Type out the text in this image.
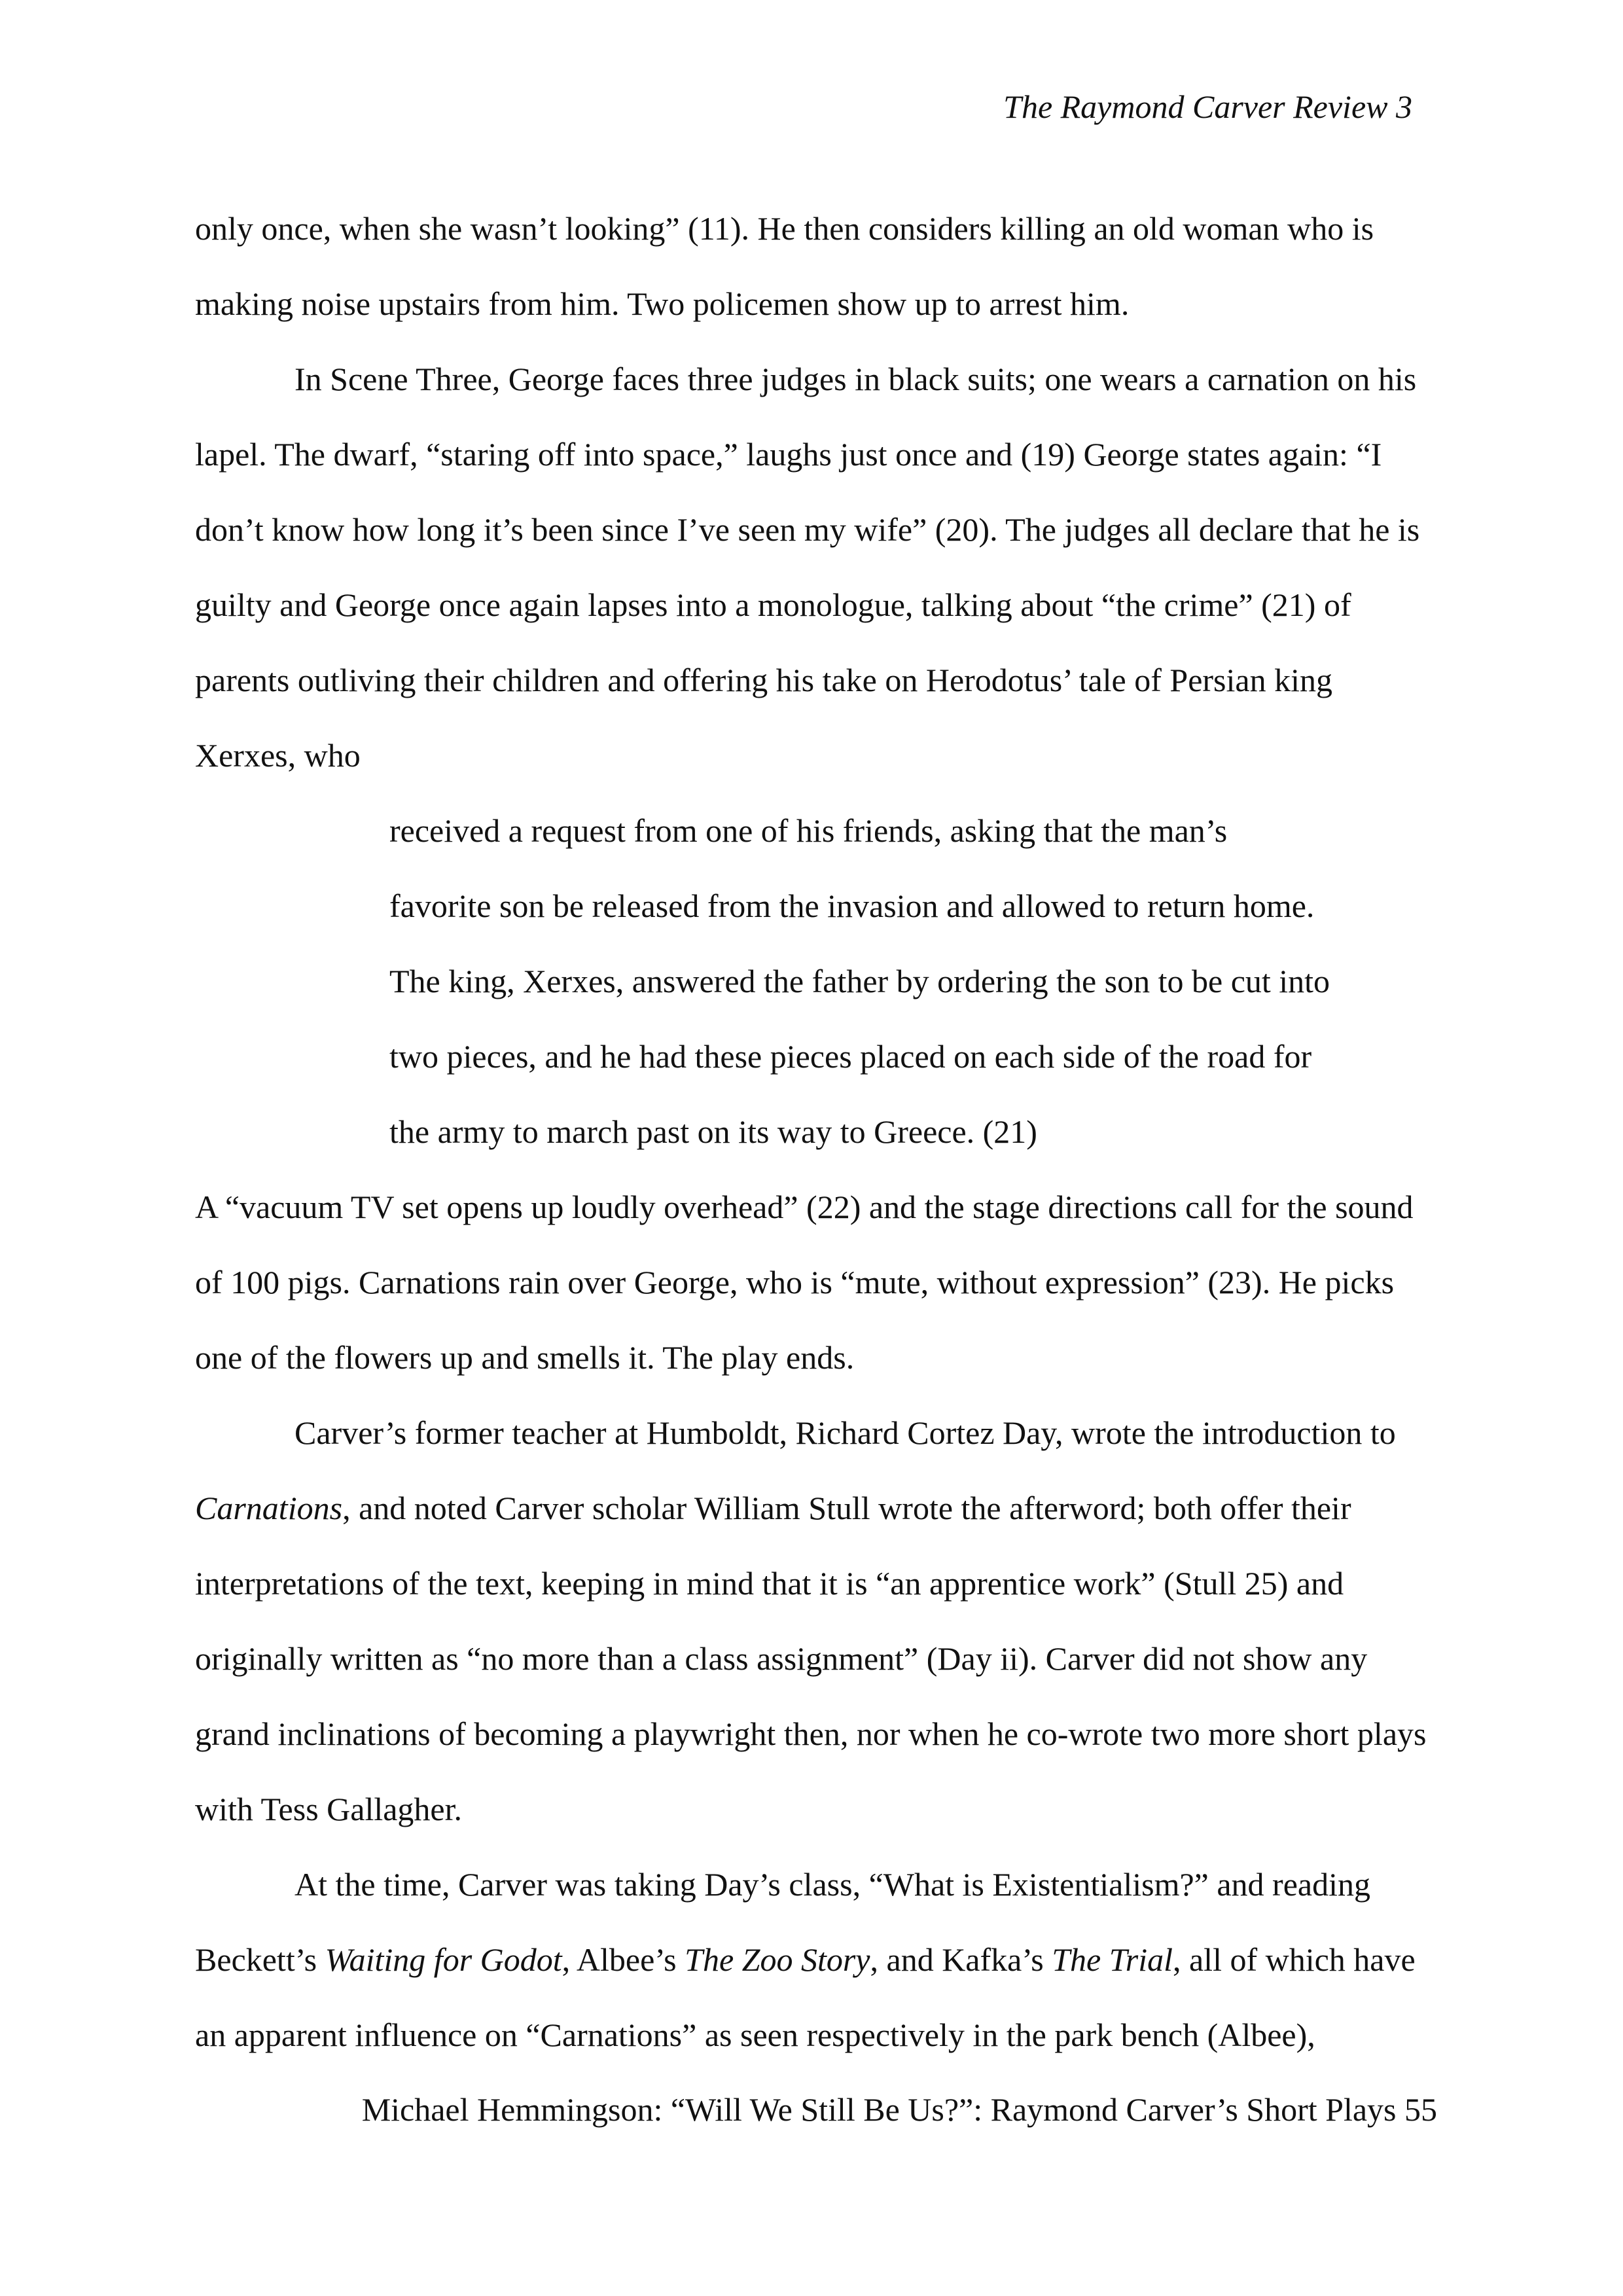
The Raymond Carver Review 3
only once, when she wasn’t looking” (11). He then considers killing an old woman who is
making noise upstairs from him. Two policemen show up to arrest him.
In Scene Three, George faces three judges in black suits; one wears a carnation on his
lapel. The dwarf, “staring off into space,” laughs just once and (19) George states again: “I
don’t know how long it’s been since I’ve seen my wife” (20). The judges all declare that he is
guilty and George once again lapses into a monologue, talking about “the crime” (21) of
parents outliving their children and offering his take on Herodotus’ tale of Persian king
Xerxes, who
received a request from one of his friends, asking that the man’s
favorite son be released from the invasion and allowed to return home.
The king, Xerxes, answered the father by ordering the son to be cut into
two pieces, and he had these pieces placed on each side of the road for
the army to march past on its way to Greece. (21)
A “vacuum TV set opens up loudly overhead” (22) and the stage directions call for the sound
of 100 pigs. Carnations rain over George, who is “mute, without expression” (23). He picks
one of the flowers up and smells it. The play ends.
Carver’s former teacher at Humboldt, Richard Cortez Day, wrote the introduction to
Carnations, and noted Carver scholar William Stull wrote the afterword; both offer their
interpretations of the text, keeping in mind that it is “an apprentice work” (Stull 25) and
originally written as “no more than a class assignment” (Day ii). Carver did not show any
grand inclinations of becoming a playwright then, nor when he co-wrote two more short plays
with Tess Gallagher.
At the time, Carver was taking Day’s class, “What is Existentialism?” and reading
Beckett’s Waiting for Godot, Albee’s The Zoo Story, and Kafka’s The Trial, all of which have
an apparent influence on “Carnations” as seen respectively in the park bench (Albee),
Michael Hemmingson: “Will We Still Be Us?”: Raymond Carver’s Short Plays 55
